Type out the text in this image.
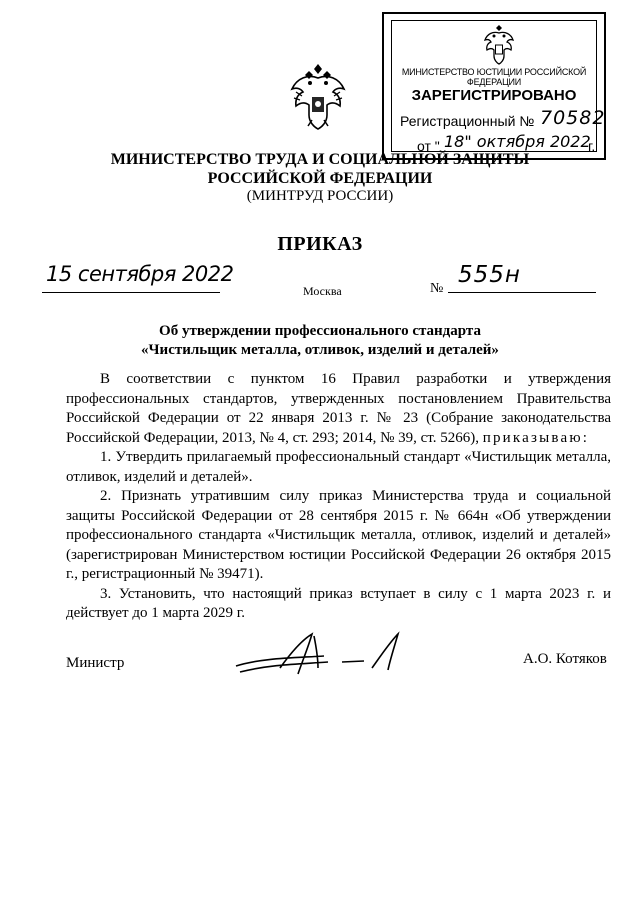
МИНИСТЕРСТВО ЮСТИЦИИ РОССИЙСКОЙ ФЕДЕРАЦИИ
ЗАРЕГИСТРИРОВАНО
Регистрационный № 70582
от " 18" октября 2022
г.
МИНИСТЕРСТВО ТРУДА И СОЦИАЛЬНОЙ ЗАЩИТЫ
РОССИЙСКОЙ ФЕДЕРАЦИИ
(МИНТРУД РОССИИ)
ПРИКАЗ
15 сентября 2022
Москва	№
555н
Об утверждении профессионального стандарта
«Чистильщик металла, отливок, изделий и деталей»

В соответствии с пунктом 16 Правил разработки и утверждения профессиональных стандартов, утвержденных постановлением Правительства Российской Федерации от 22 января 2013 г. № 23 (Собрание законодательства Российской Федерации, 2013, № 4, ст. 293; 2014, № 39, ст. 5266), приказываю:

1. Утвердить прилагаемый профессиональный стандарт «Чистильщик металла, отливок, изделий и деталей».

2. Признать утратившим силу приказ Министерства труда и социальной защиты Российской Федерации от 28 сентября 2015 г. № 664н «Об утверждении профессионального стандарта «Чистильщик металла, отливок, изделий и деталей» (зарегистрирован Министерством юстиции Российской Федерации 26 октября 2015 г., регистрационный № 39471).

3. Установить, что настоящий приказ вступает в силу с 1 марта 2023 г. и действует до 1 марта 2029 г.

Министр	А.О. Котяков
